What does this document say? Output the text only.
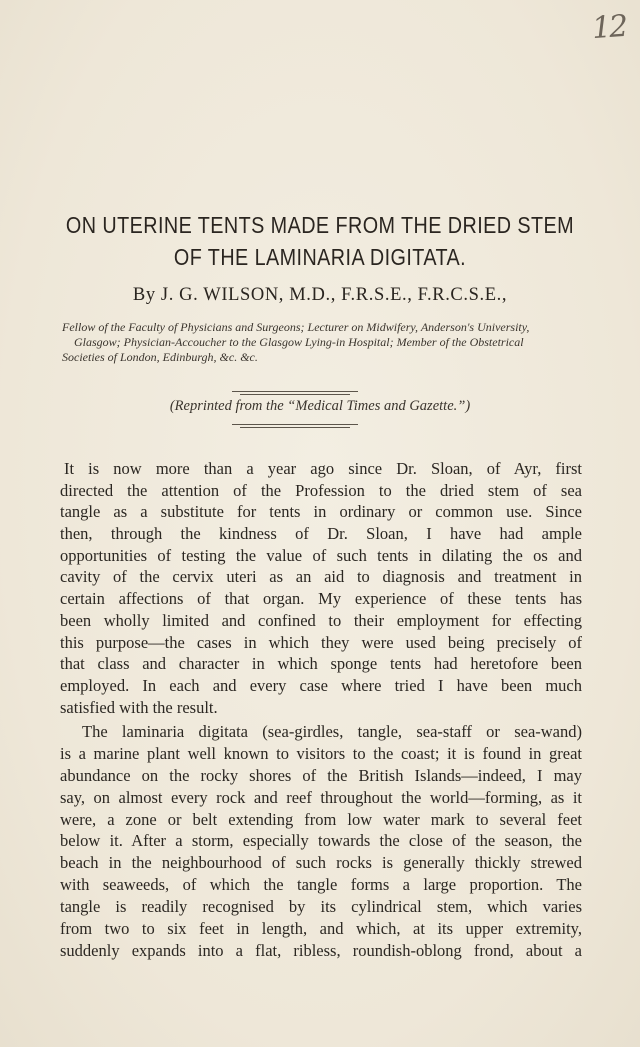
12
ON UTERINE TENTS MADE FROM THE DRIED STEM
OF THE LAMINARIA DIGITATA.
By J. G. WILSON, M.D., F.R.S.E., F.R.C.S.E.,
Fellow of the Faculty of Physicians and Surgeons; Lecturer on Midwifery, Anderson's University,
Glasgow; Physician-Accoucher to the Glasgow Lying-in Hospital; Member of the Obstetrical
Societies of London, Edinburgh, &c. &c.
(Reprinted from the “Medical Times and Gazette.”)
It is now more than a year ago since Dr. Sloan, of Ayr, first
directed the attention of the Profession to the dried stem of sea
tangle as a substitute for tents in ordinary or common use. Since
then, through the kindness of Dr. Sloan, I have had ample
opportunities of testing the value of such tents in dilating the os and
cavity of the cervix uteri as an aid to diagnosis and treatment in
certain affections of that organ. My experience of these tents has
been wholly limited and confined to their employment for effecting
this purpose—the cases in which they were used being precisely of
that class and character in which sponge tents had heretofore been
employed. In each and every case where tried I have been much
satisfied with the result.
The laminaria digitata (sea-girdles, tangle, sea-staff or sea-wand)
is a marine plant well known to visitors to the coast; it is found in great
abundance on the rocky shores of the British Islands—indeed, I may
say, on almost every rock and reef throughout the world—forming, as it
were, a zone or belt extending from low water mark to several feet
below it. After a storm, especially towards the close of the season, the
beach in the neighbourhood of such rocks is generally thickly strewed
with seaweeds, of which the tangle forms a large proportion. The
tangle is readily recognised by its cylindrical stem, which varies
from two to six feet in length, and which, at its upper extremity,
suddenly expands into a flat, ribless, roundish-oblong frond, about a
